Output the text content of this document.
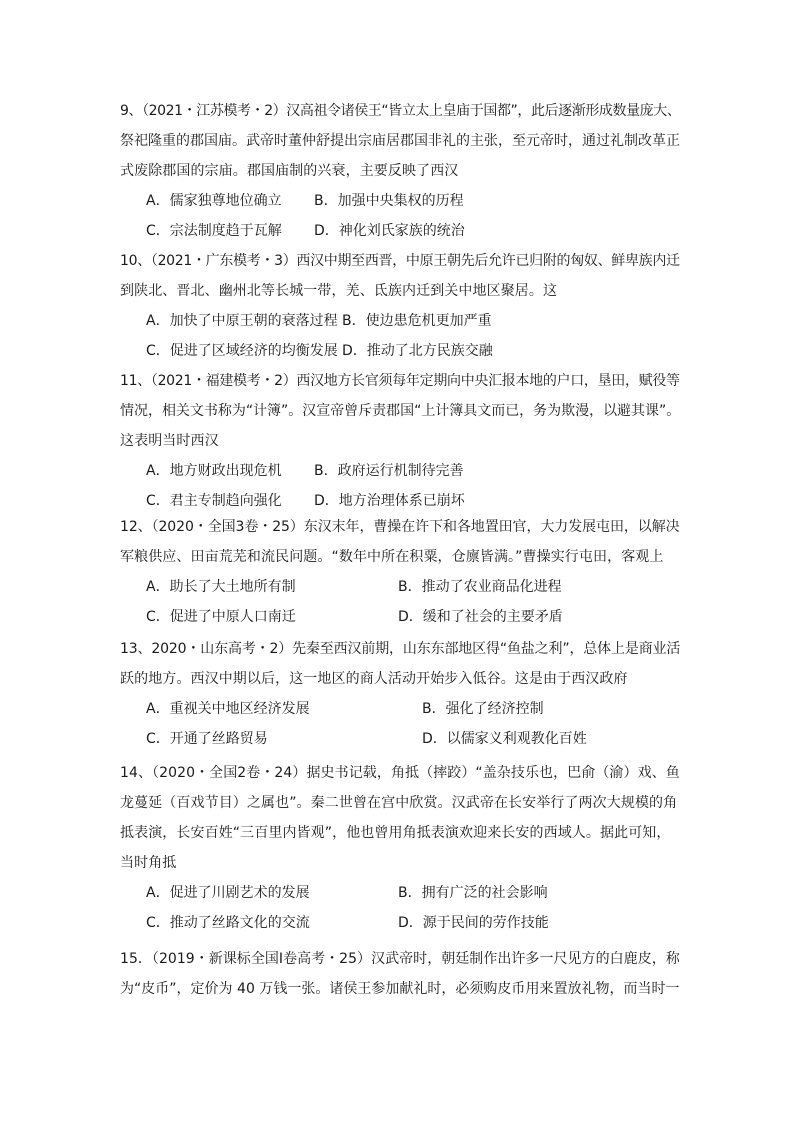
9、（2021・江苏模考・2）汉高祖令诸侯王“皆立太上皇庙于国都”，此后逐渐形成数量庞大、
祭祀隆重的郡国庙。武帝时董仲舒提出宗庙居郡国非礼的主张，至元帝时，通过礼制改革正
式废除郡国的宗庙。郡国庙制的兴衰，主要反映了西汉
A．儒家独尊地位确立 B．加强中央集权的历程
C．宗法制度趋于瓦解 D．神化刘氏家族的统治
10、（2021・广东模考・3）西汉中期至西晋，中原王朝先后允许已归附的匈奴、鲜卑族内迁
到陕北、晋北、幽州北等长城一带，羌、氐族内迁到关中地区聚居。这
A．加快了中原王朝的衰落过程 B．使边患危机更加严重
C．促进了区域经济的均衡发展 D．推动了北方民族交融
11、（2021・福建模考・2）西汉地方长官须每年定期向中央汇报本地的户口，垦田，赋役等
情况，相关文书称为“计簿”。汉宣帝曾斥责郡国“上计簿具文而已，务为欺漫，以避其课”。
这表明当时西汉
A．地方财政出现危机 B．政府运行机制待完善
C．君主专制趋向强化 D．地方治理体系已崩坏
12、（2020・全国3卷・25）东汉末年，曹操在许下和各地置田官，大力发展屯田，以解决
军粮供应、田亩荒芜和流民问题。“数年中所在积粟，仓廪皆满。”曹操实行屯田，客观上
A．助长了大土地所有制	B．推动了农业商品化进程
C．促进了中原人口南迁	D．缓和了社会的主要矛盾
13、2020・山东高考・2）先秦至西汉前期，山东东部地区得“鱼盐之利”，总体上是商业活
跃的地方。西汉中期以后，这一地区的商人活动开始步入低谷。这是由于西汉政府
A．重视关中地区经济发展	B．强化了经济控制
C．开通了丝路贸易	D．以儒家义利观教化百姓
14、（2020・全国2卷・24）据史书记载，角抵（摔跤）“盖杂技乐也，巴俞（渝）戏、鱼
龙蔓延（百戏节目）之属也”。秦二世曾在宫中欣赏。汉武帝在长安举行了两次大规模的角
抵表演，长安百姓“三百里内皆观”，他也曾用角抵表演欢迎来长安的西域人。据此可知，
当时角抵
A．促进了川剧艺术的发展	B．拥有广泛的社会影响
C．推动了丝路文化的交流	D．源于民间的劳作技能
15．（2019・新课标全国Ⅰ卷高考・25）汉武帝时，朝廷制作出许多一尺见方的白鹿皮，称
为“皮币”，定价为 40 万钱一张。诸侯王参加献礼时，必须购皮币用来置放礼物，而当时一
